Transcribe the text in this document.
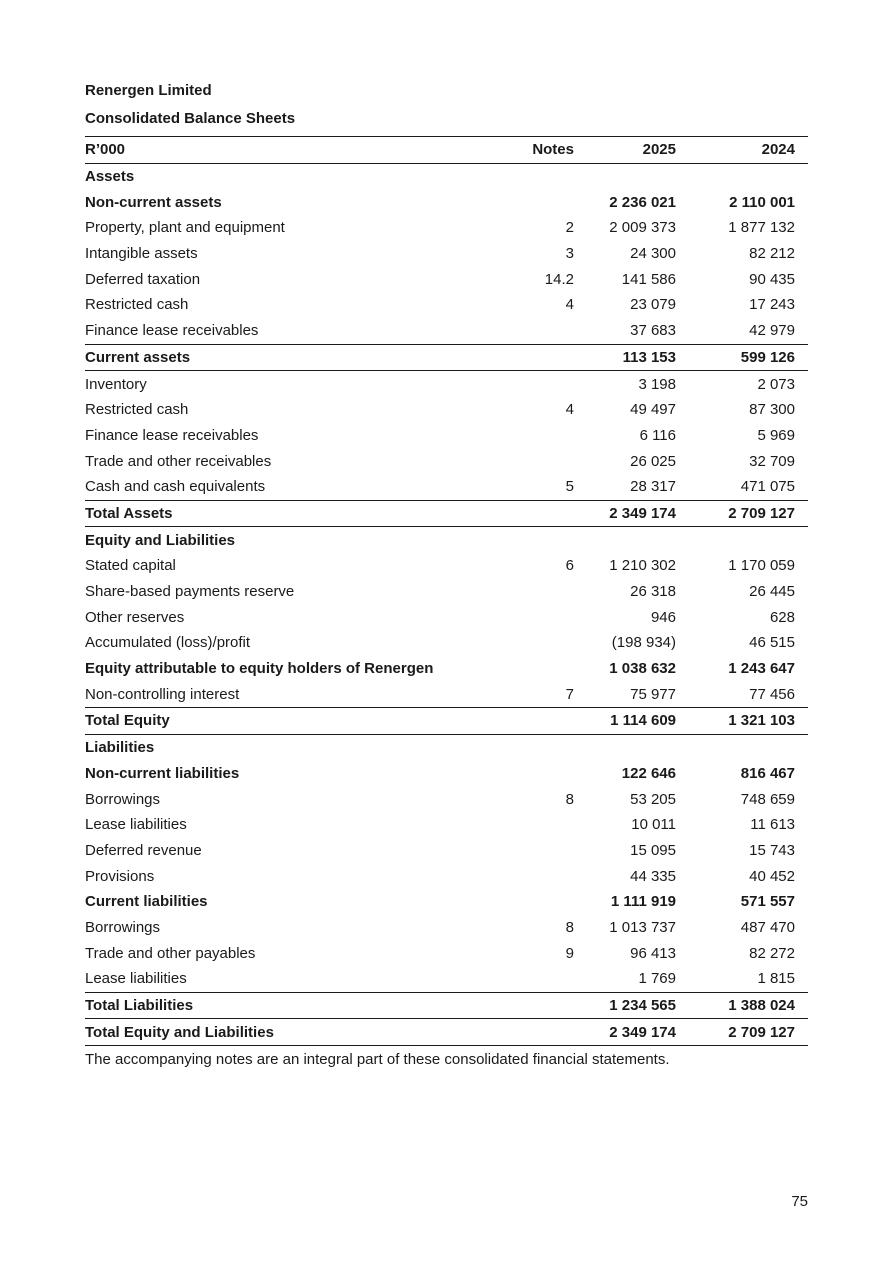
Renergen Limited
Consolidated Balance Sheets
R’000	Notes	2025	2024
Assets			
Non-current assets		2 236 021	2 110 001
Property, plant and equipment	2	2 009 373	1 877 132
Intangible assets	3	24 300	82 212
Deferred taxation	14.2	141 586	90 435
Restricted cash	4	23 079	17 243
Finance lease receivables		37 683	42 979
Current assets		113 153	599 126
Inventory		3 198	2 073
Restricted cash	4	49 497	87 300
Finance lease receivables		6 116	5 969
Trade and other receivables		26 025	32 709
Cash and cash equivalents	5	28 317	471 075
Total Assets		2 349 174	2 709 127
Equity and Liabilities			
Stated capital	6	1 210 302	1 170 059
Share-based payments reserve		26 318	26 445
Other reserves		946	628
Accumulated (loss)/profit		(198 934)	46 515
Equity attributable to equity holders of Renergen		1 038 632	1 243 647
Non-controlling interest	7	75 977	77 456
Total Equity		1 114 609	1 321 103
Liabilities			
Non-current liabilities		122 646	816 467
Borrowings	8	53 205	748 659
Lease liabilities		10 011	11 613
Deferred revenue		15 095	15 743
Provisions		44 335	40 452
Current liabilities		1 111 919	571 557
Borrowings	8	1 013 737	487 470
Trade and other payables	9	96 413	82 272
Lease liabilities		1 769	1 815
Total Liabilities		1 234 565	1 388 024
Total Equity and Liabilities		2 349 174	2 709 127
The accompanying notes are an integral part of these consolidated financial statements.
75
